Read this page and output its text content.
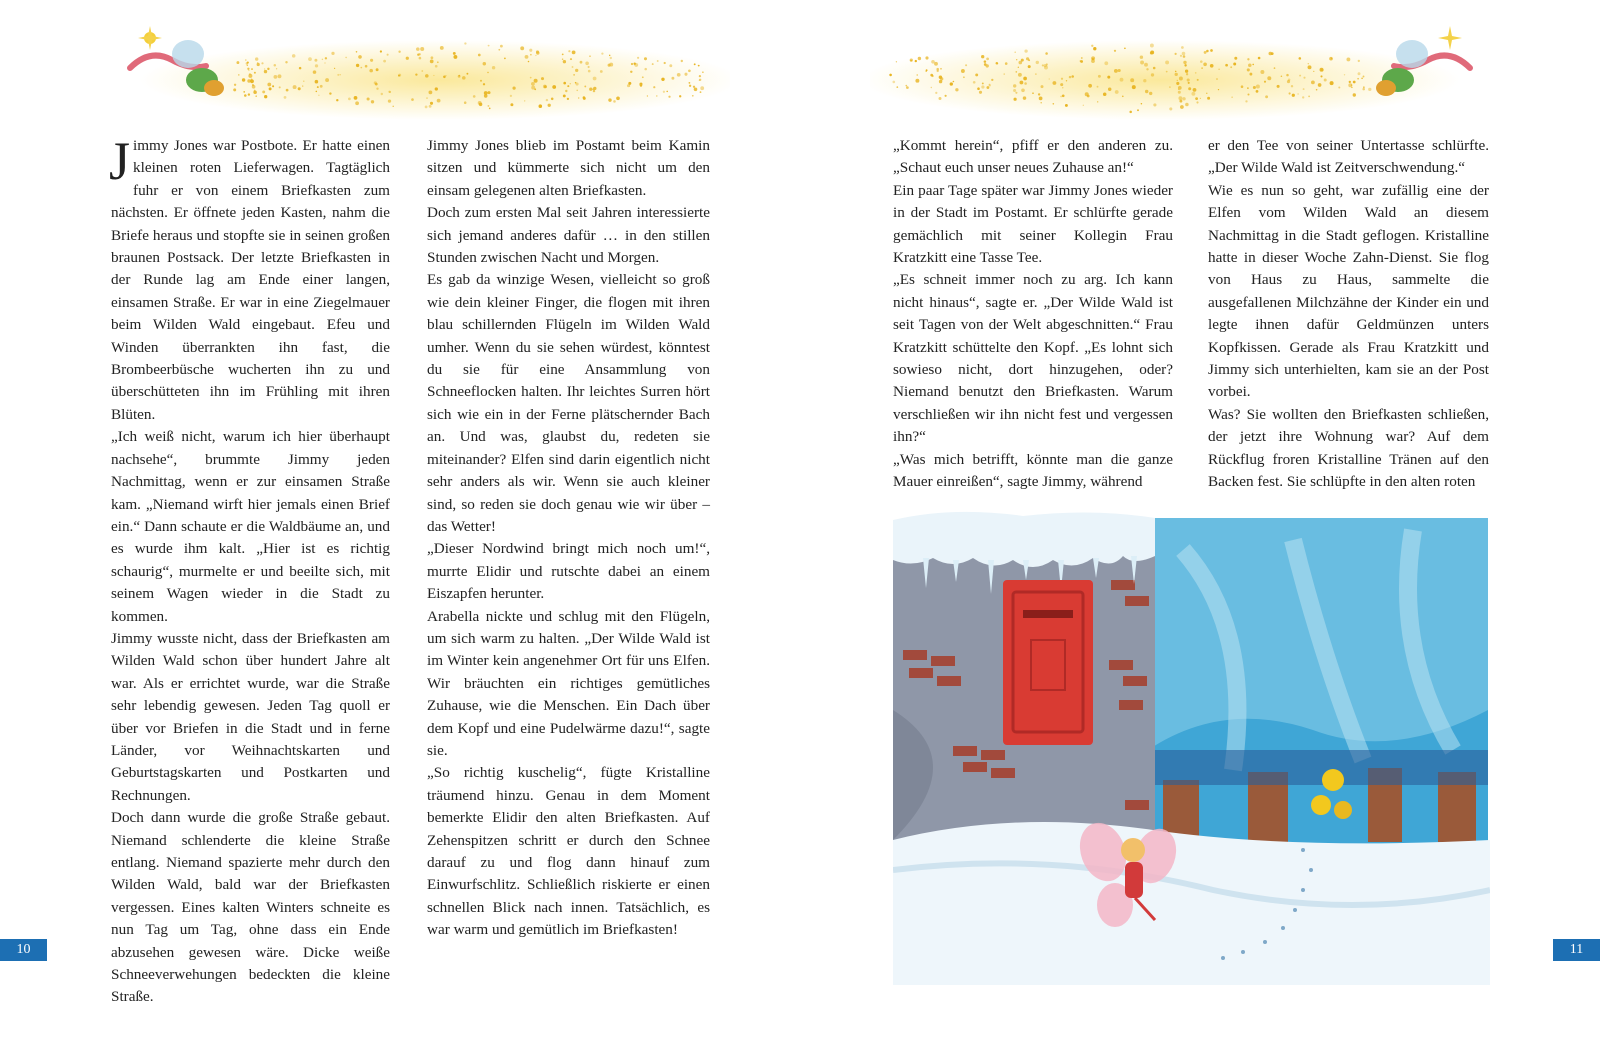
Jimmy Jones war Postbote. Er hatte einen kleinen roten Lieferwagen. Tagtäglich fuhr er von einem Briefkasten zum nächsten. Er öffnete jeden Kasten, nahm die Briefe heraus und stopfte sie in seinen großen braunen Postsack. Der letzte Briefkasten in der Runde lag am Ende einer langen, einsamen Straße. Er war in eine Ziegelmauer beim Wilden Wald eingebaut. Efeu und Winden überrankten ihn fast, die Brombeerbüsche wucherten ihn zu und überschütteten ihn im Frühling mit ihren Blüten.

„Ich weiß nicht, warum ich hier überhaupt nachsehe“, brummte Jimmy jeden Nachmittag, wenn er zur einsamen Straße kam. „Niemand wirft hier jemals einen Brief ein.“ Dann schaute er die Waldbäume an, und es wurde ihm kalt. „Hier ist es richtig schaurig“, murmelte er und beeilte sich, mit seinem Wagen wieder in die Stadt zu kommen.

Jimmy wusste nicht, dass der Briefkasten am Wilden Wald schon über hundert Jahre alt war. Als er errichtet wurde, war die Straße sehr lebendig gewesen. Jeden Tag quoll er über vor Briefen in die Stadt und in ferne Länder, vor Weihnachtskarten und Geburtstagskarten und Postkarten und Rechnungen.

Doch dann wurde die große Straße gebaut. Niemand schlenderte die kleine Straße entlang. Niemand spazierte mehr durch den Wilden Wald, bald war der Briefkasten vergessen. Eines kalten Winters schneite es nun Tag um Tag, ohne dass ein Ende abzusehen gewesen wäre. Dicke weiße Schneeverwehungen bedeckten die kleine Straße.

Jimmy Jones blieb im Postamt beim Kamin sitzen und kümmerte sich nicht um den einsam gelegenen alten Briefkasten.

Doch zum ersten Mal seit Jahren interessierte sich jemand anderes dafür … in den stillen Stunden zwischen Nacht und Morgen.

Es gab da winzige Wesen, vielleicht so groß wie dein kleiner Finger, die flogen mit ihren blau schillernden Flügeln im Wilden Wald umher. Wenn du sie sehen würdest, könntest du sie für eine Ansammlung von Schneeflocken halten. Ihr leichtes Surren hört sich wie ein in der Ferne plätschernder Bach an. Und was, glaubst du, redeten sie miteinander? Elfen sind darin eigentlich nicht sehr anders als wir. Wenn sie auch kleiner sind, so reden sie doch genau wie wir über – das Wetter!

„Dieser Nordwind bringt mich noch um!“, murrte Elidir und rutschte dabei an einem Eiszapfen herunter.

Arabella nickte und schlug mit den Flügeln, um sich warm zu halten. „Der Wilde Wald ist im Winter kein angenehmer Ort für uns Elfen. Wir bräuchten ein richtiges gemütliches Zuhause, wie die Menschen. Ein Dach über dem Kopf und eine Pudelwärme dazu!“, sagte sie.

„So richtig kuschelig“, fügte Kristalline träumend hinzu. Genau in dem Moment bemerkte Elidir den alten Briefkasten. Auf Zehenspitzen schritt er durch den Schnee darauf zu und flog dann hinauf zum Einwurfschlitz. Schließlich riskierte er einen schnellen Blick nach innen. Tatsächlich, es war warm und gemütlich im Briefkasten!

„Kommt herein“, pfiff er den anderen zu. „Schaut euch unser neues Zuhause an!“

Ein paar Tage später war Jimmy Jones wieder in der Stadt im Postamt. Er schlürfte gerade gemächlich mit seiner Kollegin Frau Kratzkitt eine Tasse Tee.

„Es schneit immer noch zu arg. Ich kann nicht hinaus“, sagte er. „Der Wilde Wald ist seit Tagen von der Welt abgeschnitten.“ Frau Kratzkitt schüttelte den Kopf. „Es lohnt sich sowieso nicht, dort hinzugehen, oder? Niemand benutzt den Briefkasten. Warum verschließen wir ihn nicht fest und vergessen ihn?“

„Was mich betrifft, könnte man die ganze Mauer einreißen“, sagte Jimmy, während

er den Tee von seiner Untertasse schlürfte. „Der Wilde Wald ist Zeitverschwendung.“

Wie es nun so geht, war zufällig eine der Elfen vom Wilden Wald an diesem Nachmittag in die Stadt geflogen. Kristalline hatte in dieser Woche Zahn-Dienst. Sie flog von Haus zu Haus, sammelte die ausgefallenen Milchzähne der Kinder ein und legte ihnen dafür Geldmünzen unters Kopfkissen. Gerade als Frau Kratzkitt und Jimmy sich unterhielten, kam sie an der Post vorbei.

Was? Sie wollten den Briefkasten schließen, der jetzt ihre Wohnung war? Auf dem Rückflug froren Kristalline Tränen auf den Backen fest. Sie schlüpfte in den alten roten

10	11
